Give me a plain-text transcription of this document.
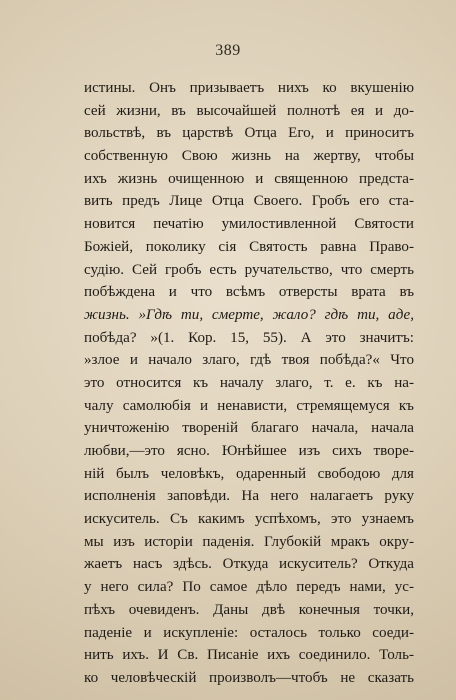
389
истины. Онъ призываетъ нихъ ко вкушенію
сей жизни, въ высочайшей полнотѣ ея и до-
вольствѣ, въ царствѣ Отца Его, и приноситъ
собственную Свою жизнь на жертву, чтобы
ихъ жизнь очищенною и священною предста-
вить предъ Лице Отца Своего. Гробъ его ста-
новится печатію умилостивленной Святости
Божiей, поколику сія Святость равна Право-
судію. Сей гробъ есть ручательство, что смерть
побѣждена и что всѣмъ отверсты врата въ
жизнь. »Гдѣ ти, смерте, жало? гдѣ ти, аде,
побѣда? »(1. Кор. 15, 55). А это значитъ:
»злое и начало злаго, гдѣ твоя побѣда?« Что
это относится къ началу злаго, т. е. къ на-
чалу самолюбія и ненависти, стремящемуся къ
уничтоженію твореній благаго начала, начала
любви,—это ясно. Юнѣйшее изъ сихъ творе-
ній былъ человѣкъ, одаренный свободою для
исполненія заповѣди. На него налагаетъ руку
искуситель. Съ какимъ успѣхомъ, это узнаемъ
мы изъ исторіи паденія. Глубокій мракъ окру-
жаетъ насъ здѣсь. Откуда искуситель? Откуда
у него сила? По самое дѣло передъ нами, ус-
пѣхъ очевиденъ. Даны двѣ конечныя точки,
паденіе и искупленіе: осталось только соеди-
нить ихъ. И Св. Писаніе ихъ соединило. Толь-
ко человѣческій произволъ—чтобъ не сказать
